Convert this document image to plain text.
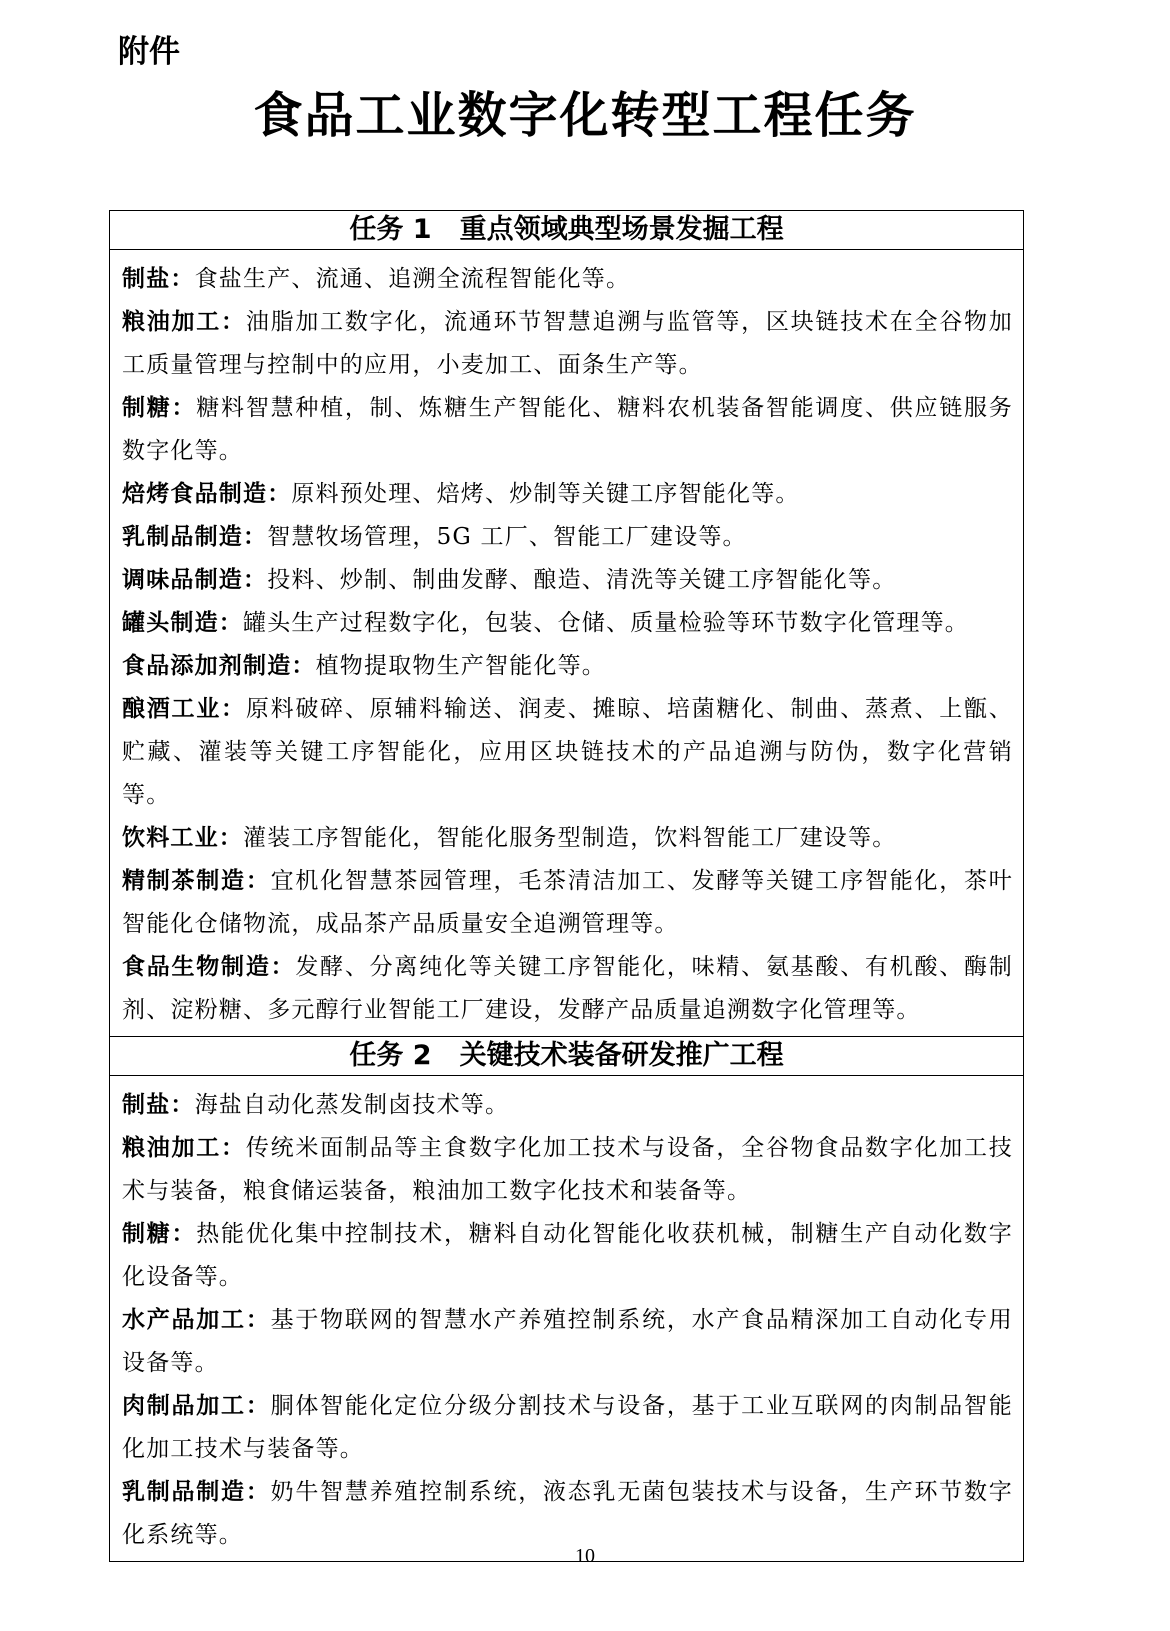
附件
食品工业数字化转型工程任务
任务 1 重点领域典型场景发掘工程

制盐：食盐生产、流通、追溯全流程智能化等。

粮油加工：油脂加工数字化，流通环节智慧追溯与监管等，区块链技术在全谷物加工质量管理与控制中的应用，小麦加工、面条生产等。

制糖：糖料智慧种植，制、炼糖生产智能化、糖料农机装备智能调度、供应链服务数字化等。

焙烤食品制造：原料预处理、焙烤、炒制等关键工序智能化等。

乳制品制造：智慧牧场管理，5G 工厂、智能工厂建设等。

调味品制造：投料、炒制、制曲发酵、酿造、清洗等关键工序智能化等。

罐头制造：罐头生产过程数字化，包装、仓储、质量检验等环节数字化管理等。

食品添加剂制造：植物提取物生产智能化等。

酿酒工业：原料破碎、原辅料输送、润麦、摊晾、培菌糖化、制曲、蒸煮、上甑、贮藏、灌装等关键工序智能化，应用区块链技术的产品追溯与防伪，数字化营销等。

饮料工业：灌装工序智能化，智能化服务型制造，饮料智能工厂建设等。

精制茶制造：宜机化智慧茶园管理，毛茶清洁加工、发酵等关键工序智能化，茶叶智能化仓储物流，成品茶产品质量安全追溯管理等。

食品生物制造：发酵、分离纯化等关键工序智能化，味精、氨基酸、有机酸、酶制剂、淀粉糖、多元醇行业智能工厂建设，发酵产品质量追溯数字化管理等。

任务 2 关键技术装备研发推广工程

制盐：海盐自动化蒸发制卤技术等。

粮油加工：传统米面制品等主食数字化加工技术与设备，全谷物食品数字化加工技术与装备，粮食储运装备，粮油加工数字化技术和装备等。

制糖：热能优化集中控制技术，糖料自动化智能化收获机械，制糖生产自动化数字化设备等。

水产品加工：基于物联网的智慧水产养殖控制系统，水产食品精深加工自动化专用设备等。

肉制品加工：胴体智能化定位分级分割技术与设备，基于工业互联网的肉制品智能化加工技术与装备等。

乳制品制造：奶牛智慧养殖控制系统，液态乳无菌包装技术与设备，生产环节数字化系统等。

10
